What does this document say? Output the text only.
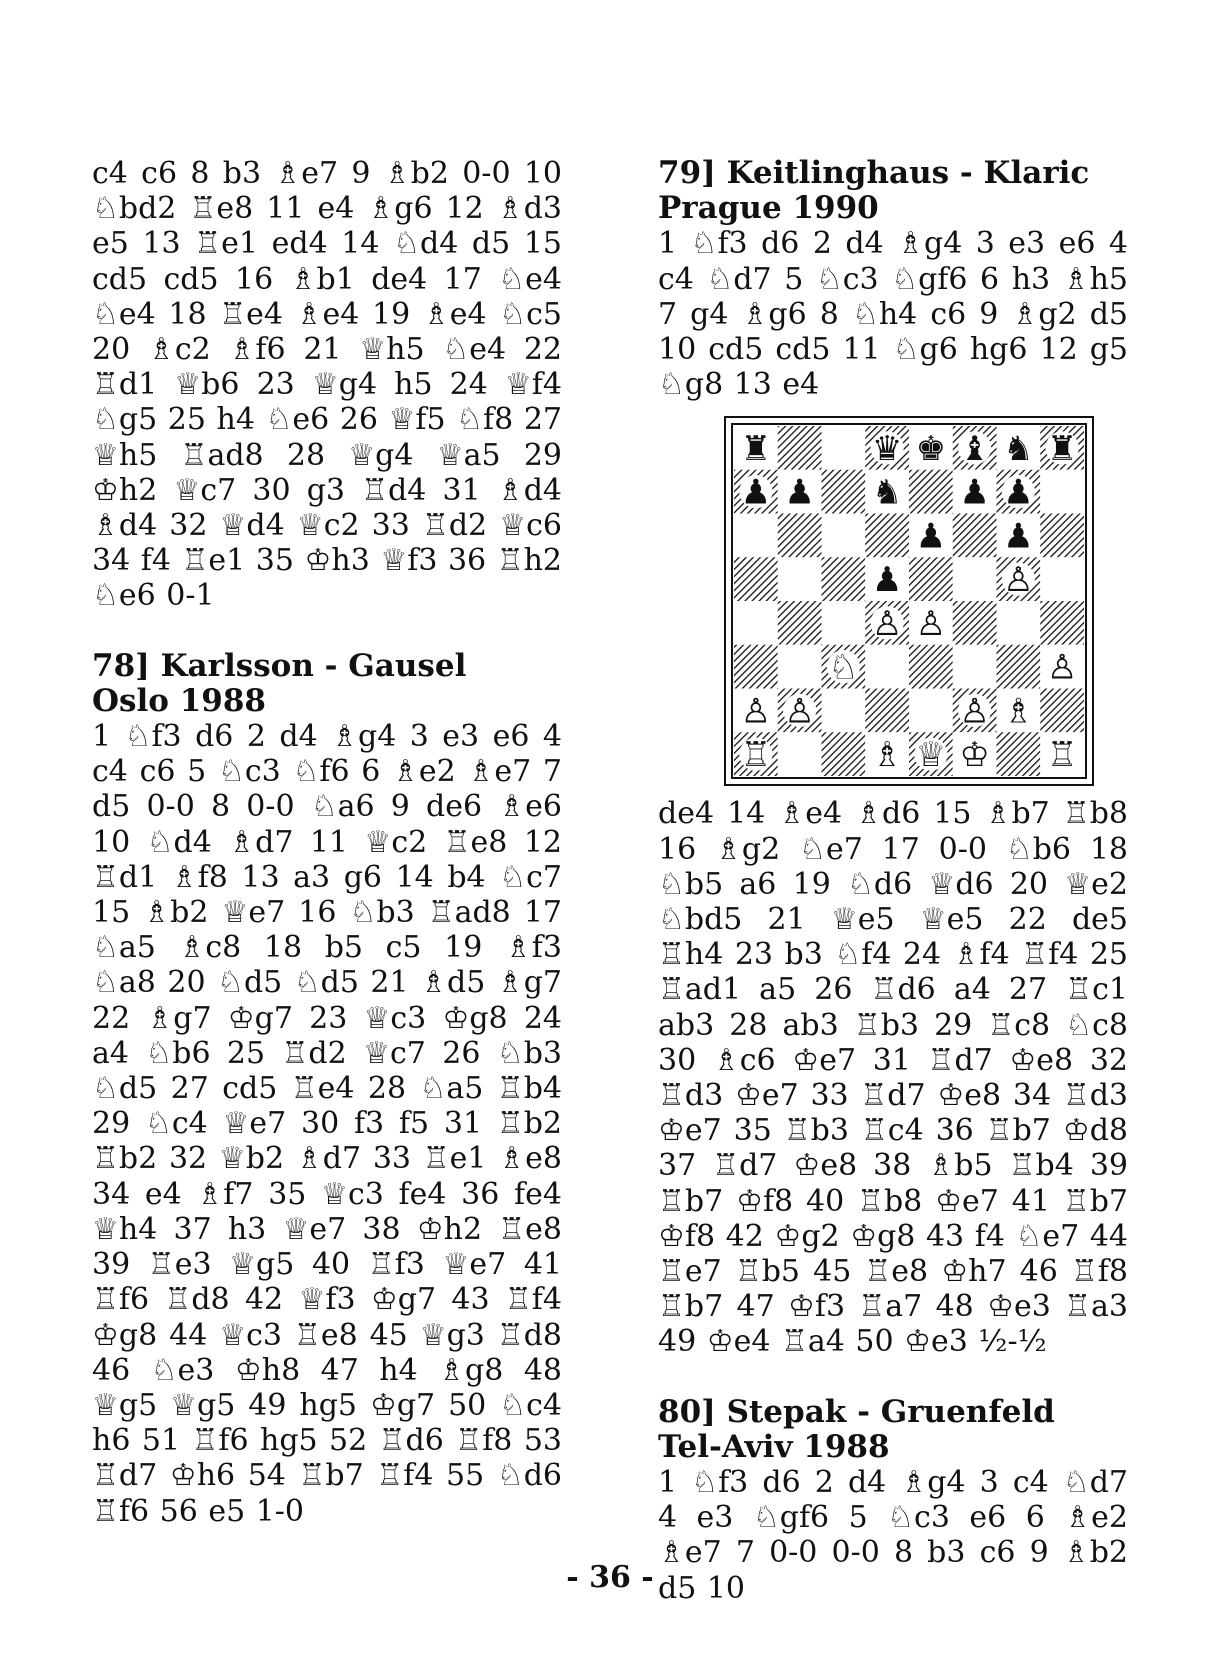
c4 c6 8 b3 ♗e7 9 ♗b2 0-0 10 ♘bd2 ♖e8 11 e4 ♗g6 12 ♗d3 e5 13 ♖e1 ed4 14 ♘d4 d5 15 cd5 cd5 16 ♗b1 de4 17 ♘e4 ♘e4 18 ♖e4 ♗e4 19 ♗e4 ♘c5 20 ♗c2 ♗f6 21 ♕h5 ♘e4 22 ♖d1 ♕b6 23 ♕g4 h5 24 ♕f4 ♘g5 25 h4 ♘e6 26 ♕f5 ♘f8 27 ♕h5 ♖ad8 28 ♕g4 ♕a5 29 ♔h2 ♕c7 30 g3 ♖d4 31 ♗d4 ♗d4 32 ♕d4 ♕c2 33 ♖d2 ♕c6 34 f4 ♖e1 35 ♔h3 ♕f3 36 ♖h2 ♘e6 0-1

78] Karlsson - Gausel

Oslo 1988

1 ♘f3 d6 2 d4 ♗g4 3 e3 e6 4 c4 c6 5 ♘c3 ♘f6 6 ♗e2 ♗e7 7 d5 0-0 8 0-0 ♘a6 9 de6 ♗e6 10 ♘d4 ♗d7 11 ♕c2 ♖e8 12 ♖d1 ♗f8 13 a3 g6 14 b4 ♘c7 15 ♗b2 ♕e7 16 ♘b3 ♖ad8 17 ♘a5 ♗c8 18 b5 c5 19 ♗f3 ♘a8 20 ♘d5 ♘d5 21 ♗d5 ♗g7 22 ♗g7 ♔g7 23 ♕c3 ♔g8 24 a4 ♘b6 25 ♖d2 ♕c7 26 ♘b3 ♘d5 27 cd5 ♖e4 28 ♘a5 ♖b4 29 ♘c4 ♕e7 30 f3 f5 31 ♖b2 ♖b2 32 ♕b2 ♗d7 33 ♖e1 ♗e8 34 e4 ♗f7 35 ♕c3 fe4 36 fe4 ♕h4 37 h3 ♕e7 38 ♔h2 ♖e8 39 ♖e3 ♕g5 40 ♖f3 ♕e7 41 ♖f6 ♖d8 42 ♕f3 ♔g7 43 ♖f4 ♔g8 44 ♕c3 ♖e8 45 ♕g3 ♖d8 46 ♘e3 ♔h8 47 h4 ♗g8 48 ♕g5 ♕g5 49 hg5 ♔g7 50 ♘c4 h6 51 ♖f6 hg5 52 ♖d6 ♖f8 53 ♖d7 ♔h6 54 ♖b7 ♖f4 55 ♘d6 ♖f6 56 e5 1-0

79] Keitlinghaus - Klaric

Prague 1990

1 ♘f3 d6 2 d4 ♗g4 3 e3 e6 4 c4 ♘d7 5 ♘c3 ♘gf6 6 h3 ♗h5 7 g4 ♗g6 8 ♘h4 c6 9 ♗g2 d5 10 cd5 cd5 11 ♘g6 hg6 12 g5 ♘g8 13 e4

♜	♛ ♚ ♝ ♞ ♜
♟ ♟ ♞ ♟ ♟
♟ ♟
♟	♙
♙ ♙
♘	♙
♙ ♙	♙ ♗
♖	♗ ♕ ♔ ♖

de4 14 ♗e4 ♗d6 15 ♗b7 ♖b8 16 ♗g2 ♘e7 17 0-0 ♘b6 18 ♘b5 a6 19 ♘d6 ♕d6 20 ♕e2 ♘bd5 21 ♕e5 ♕e5 22 de5 ♖h4 23 b3 ♘f4 24 ♗f4 ♖f4 25 ♖ad1 a5 26 ♖d6 a4 27 ♖c1 ab3 28 ab3 ♖b3 29 ♖c8 ♘c8 30 ♗c6 ♔e7 31 ♖d7 ♔e8 32 ♖d3 ♔e7 33 ♖d7 ♔e8 34 ♖d3 ♔e7 35 ♖b3 ♖c4 36 ♖b7 ♔d8 37 ♖d7 ♔e8 38 ♗b5 ♖b4 39 ♖b7 ♔f8 40 ♖b8 ♔e7 41 ♖b7 ♔f8 42 ♔g2 ♔g8 43 f4 ♘e7 44 ♖e7 ♖b5 45 ♖e8 ♔h7 46 ♖f8 ♖b7 47 ♔f3 ♖a7 48 ♔e3 ♖a3 49 ♔e4 ♖a4 50 ♔e3 ½-½

80] Stepak - Gruenfeld

Tel-Aviv 1988

1 ♘f3 d6 2 d4 ♗g4 3 c4 ♘d7 4 e3 ♘gf6 5 ♘c3 e6 6 ♗e2 ♗e7 7 0-0 0-0 8 b3 c6 9 ♗b2 d5 10

- 36 -
